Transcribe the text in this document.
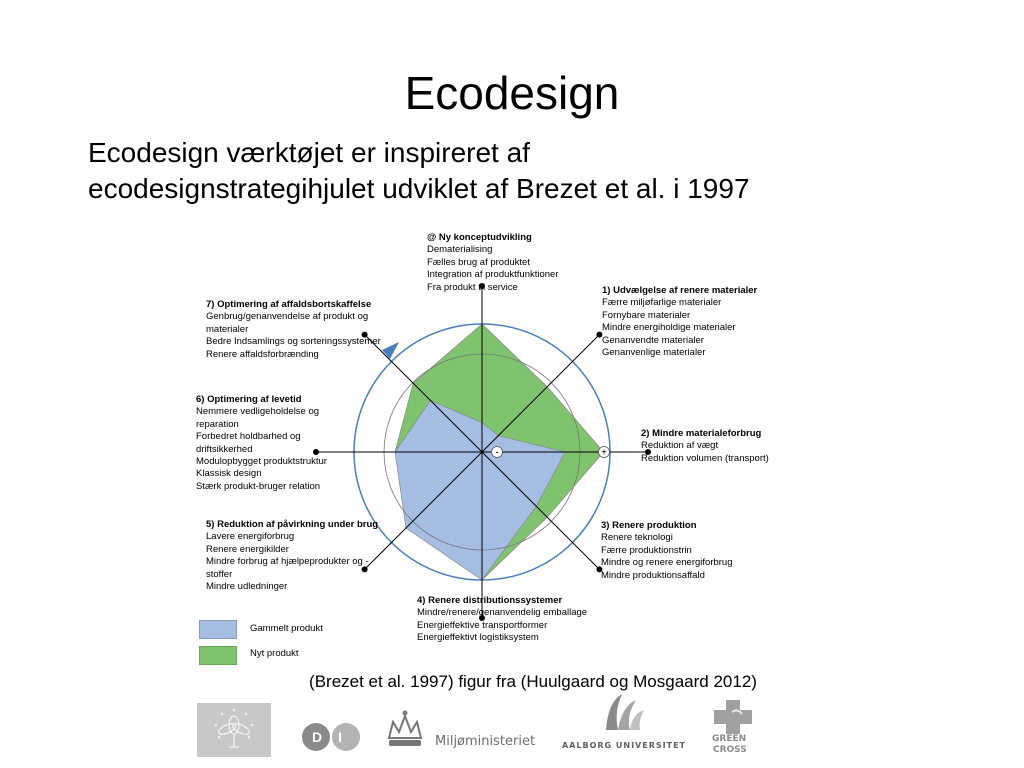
Ecodesign
Ecodesign værktøjet er inspireret af
ecodesignstrategihjulet udviklet af Brezet et al. i 1997
-	+
@ Ny konceptudvikling
Dematerialising
Fælles brug af produktet
Integration af produktfunktioner
Fra produkt til service	1) Udvælgelse af renere materialer
Færre miljøfarlige materialer
Fornybare materialer
Mindre energiholdige materialer
Genanvendte materialer
Genanvenlige materialer
2) Mindre materialeforbrug
Reduktion af vægt
Reduktion volumen (transport)
3) Renere produktion
Renere teknologi
Færre produktionstrin
Mindre og renere energiforbrug
Mindre produktionsaffald
4) Renere distributionssystemer
Mindre/renere/genanvendelig emballage
Energieffektive transportformer
Energieffektivt logistiksystem
5) Reduktion af påvirkning under brug
Lavere energiforbrug
Renere energikilder
Mindre forbrug af hjælpeprodukter og -stoffer
Mindre udledninger
6) Optimering af levetid
Nemmere vedligeholdelse og reparation
Forbedret holdbarhed og driftsikkerhed
Modulopbygget produktstruktur
Klassisk design
Stærk produkt-bruger relation
7) Optimering af affaldsbortskaffelse
Genbrug/genanvendelse af produkt og materialer
Bedre Indsamlings og sorteringssystemer
Renere affaldsforbrænding
Gammelt produkt
Nyt produkt
(Brezet et al. 1997) figur fra (Huulgaard og Mosgaard 2012)
DI	Miljøministeriet	AALBORG UNIVERSITET
GREEN
CROSS
